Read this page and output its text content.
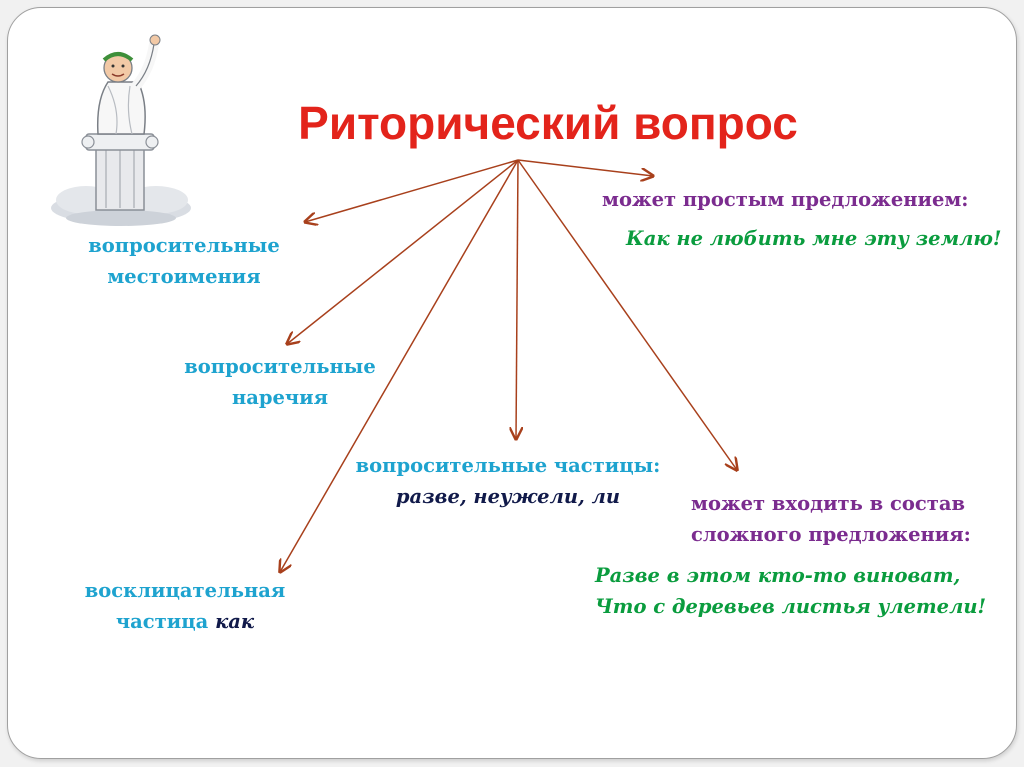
Риторический вопрос
может простым предложением:
Как не любить мне эту землю!
вопросительные
местоимения
вопросительные
наречия
вопросительные частицы:
разве, неужели, ли	может входить в состав
сложного предложения:
Разве в этом кто-то виноват,
Что с деревьев листья улетели!
восклицательная
частица как
